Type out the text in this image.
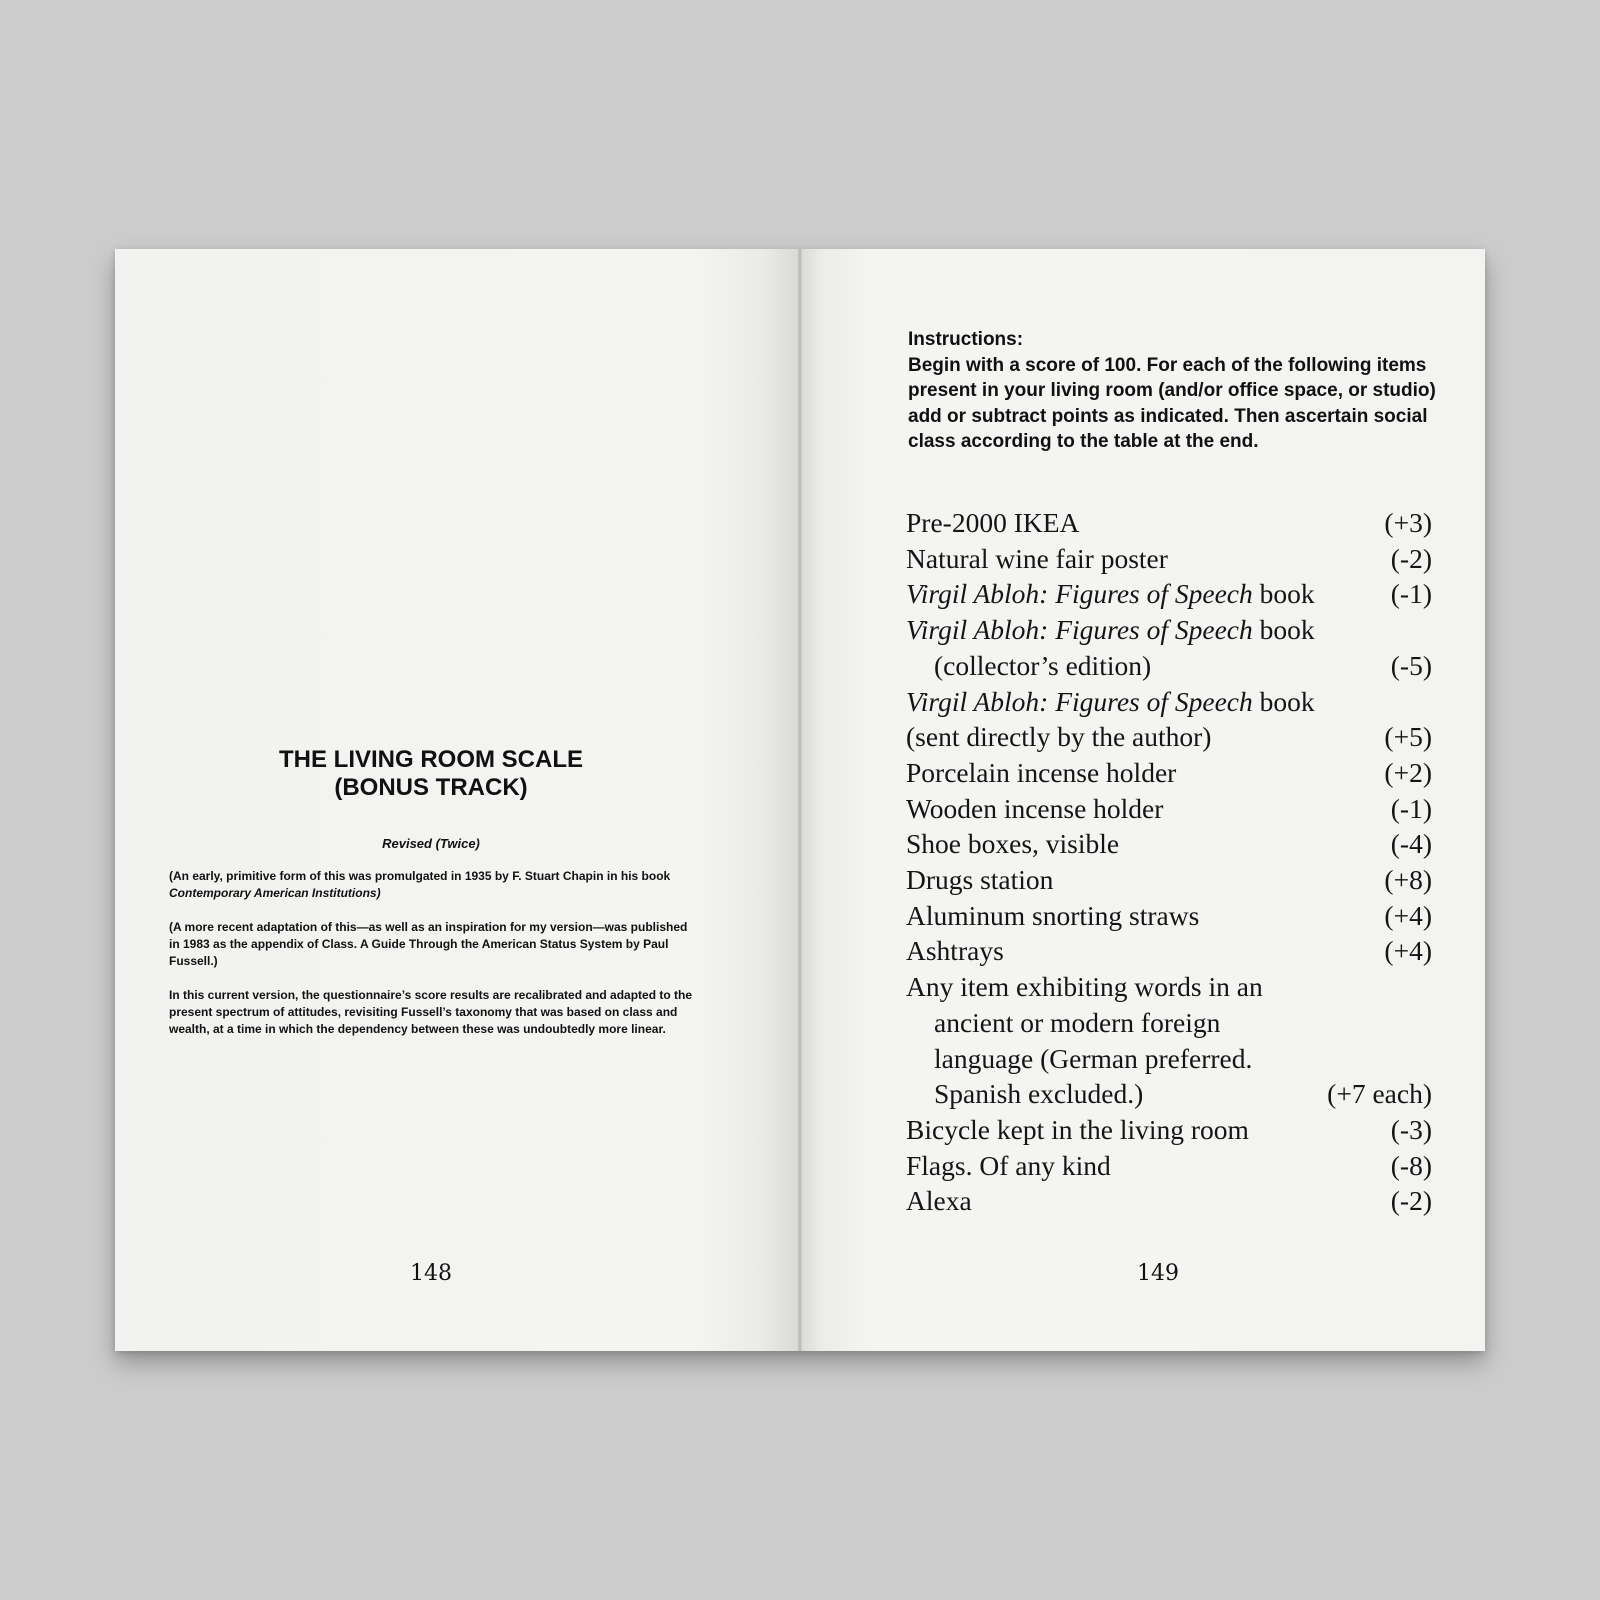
THE LIVING ROOM SCALE
(BONUS TRACK)
Revised (Twice)

(An early, primitive form of this was promulgated in 1935 by F. Stuart Chapin in his book Contemporary American Institutions)

(A more recent adaptation of this—as well as an inspiration for my version—was published in 1983 as the appendix of Class. A Guide Through the American Status System by Paul Fussell.)

In this current version, the questionnaire’s score results are recalibrated and adapted to the present spectrum of attitudes, revisiting Fussell’s taxonomy that was based on class and wealth, at a time in which the dependency between these was undoubtedly more linear.

148
Instructions:
Begin with a score of 100. For each of the following items present in your living room (and/or office space, or studio) add or subtract points as indicated. Then ascertain social class according to the table at the end.
Pre-2000 IKEA	(+3)
Natural wine fair poster	(-2)
Virgil Abloh: Figures of Speech book	(-1)
Virgil Abloh: Figures of Speech book
(collector’s edition)	(-5)
Virgil Abloh: Figures of Speech book
(sent directly by the author)	(+5)
Porcelain incense holder	(+2)
Wooden incense holder	(-1)
Shoe boxes, visible	(-4)
Drugs station	(+8)
Aluminum snorting straws	(+4)
Ashtrays	(+4)
Any item exhibiting words in an
ancient or modern foreign
language (German preferred.
Spanish excluded.)	(+7 each)
Bicycle kept in the living room	(-3)
Flags. Of any kind	(-8)
Alexa	(-2)
149
